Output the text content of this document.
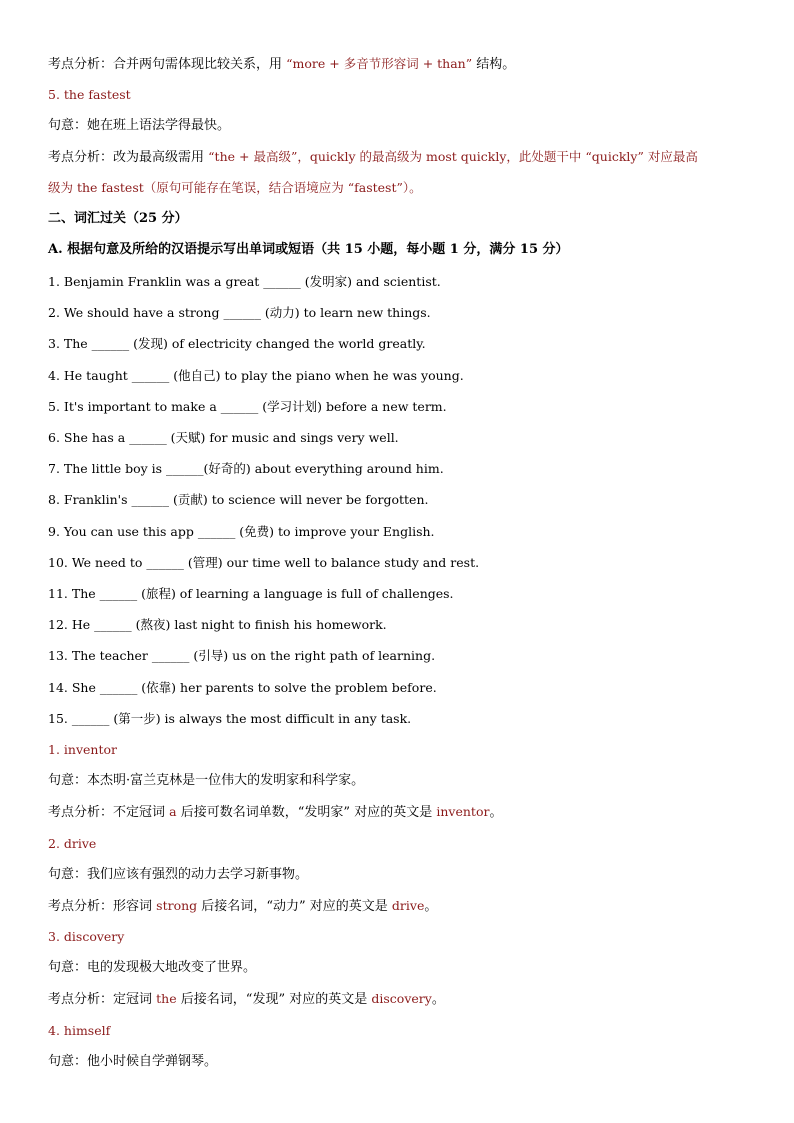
考点分析：合并两句需体现比较关系，用 “more + 多音节形容词 + than” 结构。
5. the fastest
句意：她在班上语法学得最快。
考点分析：改为最高级需用 “the + 最高级”，quickly 的最高级为 most quickly，此处题干中 “quickly” 对应最高
级为 the fastest（原句可能存在笔误，结合语境应为 “fastest”）。
二、词汇过关（25 分）
A. 根据句意及所给的汉语提示写出单词或短语（共 15 小题，每小题 1 分，满分 15 分）
1. Benjamin Franklin was a great ______ (发明家) and scientist.
2. We should have a strong ______ (动力) to learn new things.
3. The ______ (发现) of electricity changed the world greatly.
4. He taught ______ (他自己) to play the piano when he was young.
5. It's important to make a ______ (学习计划) before a new term.
6. She has a ______ (天赋) for music and sings very well.
7. The little boy is ______(好奇的) about everything around him.
8. Franklin's ______ (贡献) to science will never be forgotten.
9. You can use this app ______ (免费) to improve your English.
10. We need to ______ (管理) our time well to balance study and rest.
11. The ______ (旅程) of learning a language is full of challenges.
12. He ______ (熬夜) last night to finish his homework.
13. The teacher ______ (引导) us on the right path of learning.
14. She ______ (依靠) her parents to solve the problem before.
15. ______ (第一步) is always the most difficult in any task.
1. inventor
句意：本杰明·富兰克林是一位伟大的发明家和科学家。
考点分析：不定冠词 a 后接可数名词单数，“发明家” 对应的英文是 inventor。
2. drive
句意：我们应该有强烈的动力去学习新事物。
考点分析：形容词 strong 后接名词，“动力” 对应的英文是 drive。
3. discovery
句意：电的发现极大地改变了世界。
考点分析：定冠词 the 后接名词，“发现” 对应的英文是 discovery。
4. himself
句意：他小时候自学弹钢琴。
